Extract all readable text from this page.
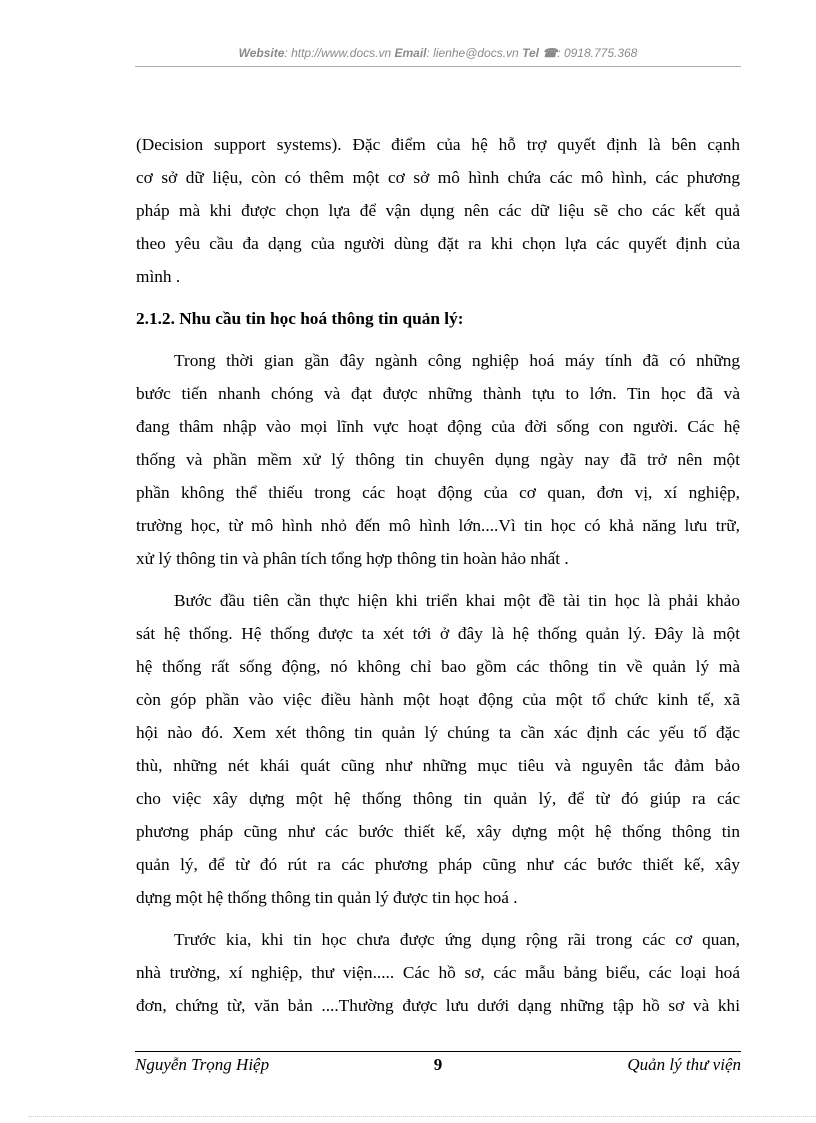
Website: http://www.docs.vn Email: lienhe@docs.vn Tel ☎: 0918.775.368
(Decision support systems). Đặc điểm của hệ hỗ trợ quyết định là bên cạnh
cơ sở dữ liệu, còn có thêm một cơ sở mô hình chứa các mô hình, các phương
pháp mà khi được chọn lựa để vận dụng nên các dữ liệu sẽ cho các kết quả
theo yêu cầu đa dạng của người dùng đặt ra khi chọn lựa các quyết định của
mình .
2.1.2. Nhu cầu tin học hoá thông tin quản lý:
Trong thời gian gần đây ngành công nghiệp hoá máy tính đã có những
bước tiến nhanh chóng và đạt được những thành tựu to lớn. Tin học đã và
đang thâm nhập vào mọi lĩnh vực hoạt động của đời sống con người. Các hệ
thống và phần mềm xử lý thông tin chuyên dụng ngày nay đã trở nên một
phần không thể thiếu trong các hoạt động của cơ quan, đơn vị, xí nghiệp,
trường học, từ mô hình nhỏ đến mô hình lớn....Vì tin học có khả năng lưu trữ,
xử lý thông tin và phân tích tổng hợp thông tin hoàn hảo nhất .
Bước đầu tiên cần thực hiện khi triển khai một đề tài tin học là phải khảo
sát hệ thống. Hệ thống được ta xét tới ở đây là hệ thống quản lý. Đây là một
hệ thống rất sống động, nó không chỉ bao gồm các thông tin về quản lý mà
còn góp phần vào việc điều hành một hoạt động của một tổ chức kinh tế, xã
hội nào đó. Xem xét thông tin quản lý chúng ta cần xác định các yếu tố đặc
thù, những nét khái quát cũng như những mục tiêu và nguyên tắc đảm bảo
cho việc xây dựng một hệ thống thông tin quản lý, để từ đó giúp ra các
phương pháp cũng như các bước thiết kế, xây dựng một hệ thống thông tin
quản lý, để từ đó rút ra các phương pháp cũng như các bước thiết kế, xây
dựng một hệ thống thông tin quản lý được tin học hoá .
Trước kia, khi tin học chưa được ứng dụng rộng rãi trong các cơ quan,
nhà trường, xí nghiệp, thư viện..... Các hồ sơ, các mẫu bảng biểu, các loại hoá
đơn, chứng từ, văn bản ....Thường được lưu dưới dạng những tập hồ sơ và khi
Nguyễn Trọng Hiệp	9	Quản lý thư viện
